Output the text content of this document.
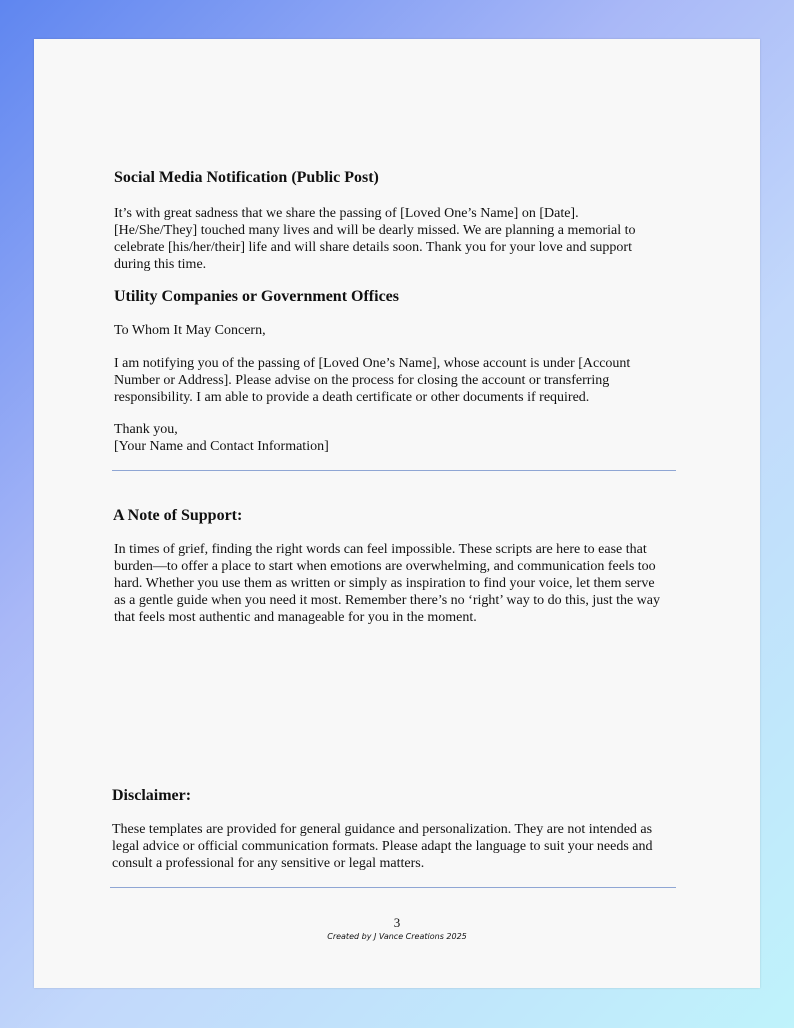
Social Media Notification (Public Post)

It’s with great sadness that we share the passing of [Loved One’s Name] on [Date]. [He/She/They] touched many lives and will be dearly missed. We are planning a memorial to celebrate [his/her/their] life and will share details soon. Thank you for your love and support during this time.

Utility Companies or Government Offices

To Whom It May Concern,

I am notifying you of the passing of [Loved One’s Name], whose account is under [Account Number or Address]. Please advise on the process for closing the account or transferring responsibility. I am able to provide a death certificate or other documents if required.

Thank you,

[Your Name and Contact Information]

A Note of Support:

In times of grief, finding the right words can feel impossible. These scripts are here to ease that burden—to offer a place to start when emotions are overwhelming, and communication feels too hard. Whether you use them as written or simply as inspiration to find your voice, let them serve as a gentle guide when you need it most. Remember there’s no ‘right’ way to do this, just the way that feels most authentic and manageable for you in the moment.

Disclaimer:

These templates are provided for general guidance and personalization. They are not intended as legal advice or official communication formats. Please adapt the language to suit your needs and consult a professional for any sensitive or legal matters.

3
Created by J Vance Creations 2025
